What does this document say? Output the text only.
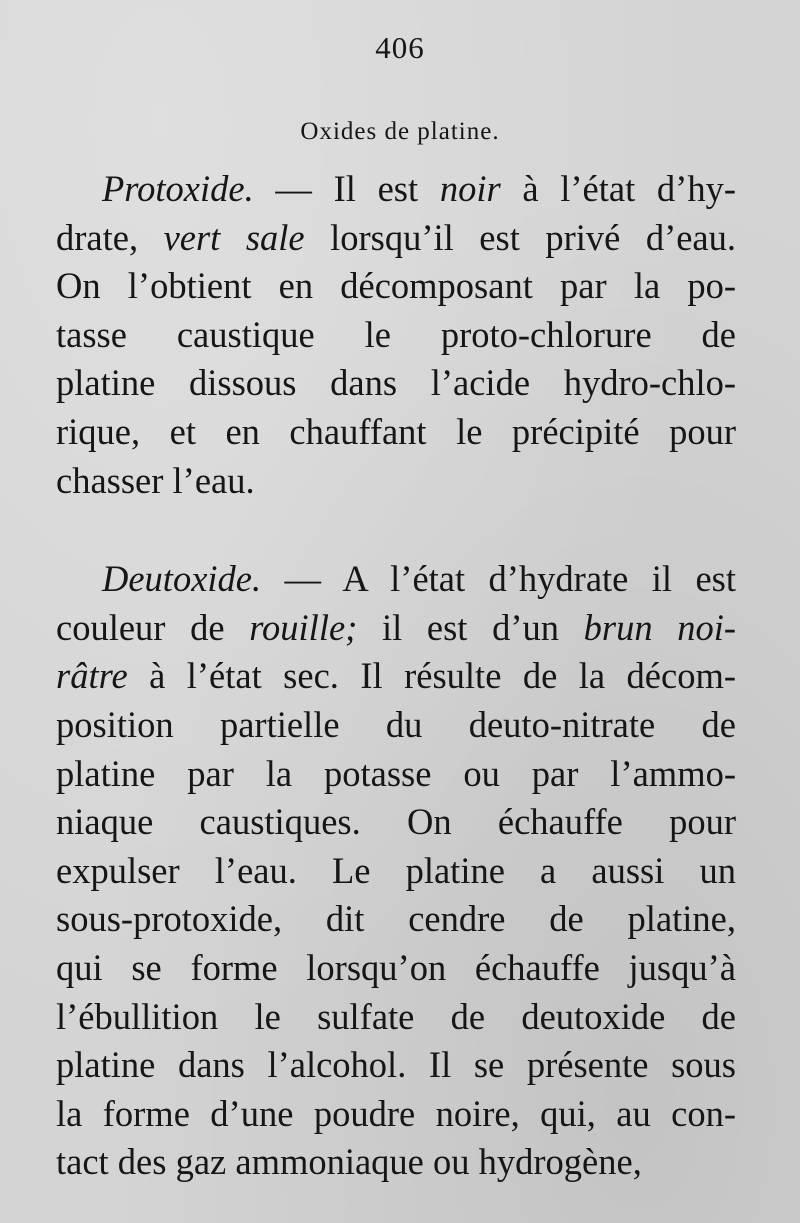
406
Oxides de platine.
Protoxide. — Il est noir à l’état d’hy-
drate, vert sale lorsqu’il est privé d’eau.
On l’obtient en décomposant par la po-
tasse caustique le proto-chlorure de
platine dissous dans l’acide hydro-chlo-
rique, et en chauffant le précipité pour
chasser l’eau.
Deutoxide. — A l’état d’hydrate il est
couleur de rouille; il est d’un brun noi-
râtre à l’état sec. Il résulte de la décom-
position partielle du deuto-nitrate de
platine par la potasse ou par l’ammo-
niaque caustiques. On échauffe pour
expulser l’eau. Le platine a aussi un
sous-protoxide, dit cendre de platine,
qui se forme lorsqu’on échauffe jusqu’à
l’ébullition le sulfate de deutoxide de
platine dans l’alcohol. Il se présente sous
la forme d’une poudre noire, qui, au con-
tact des gaz ammoniaque ou hydrogène,
